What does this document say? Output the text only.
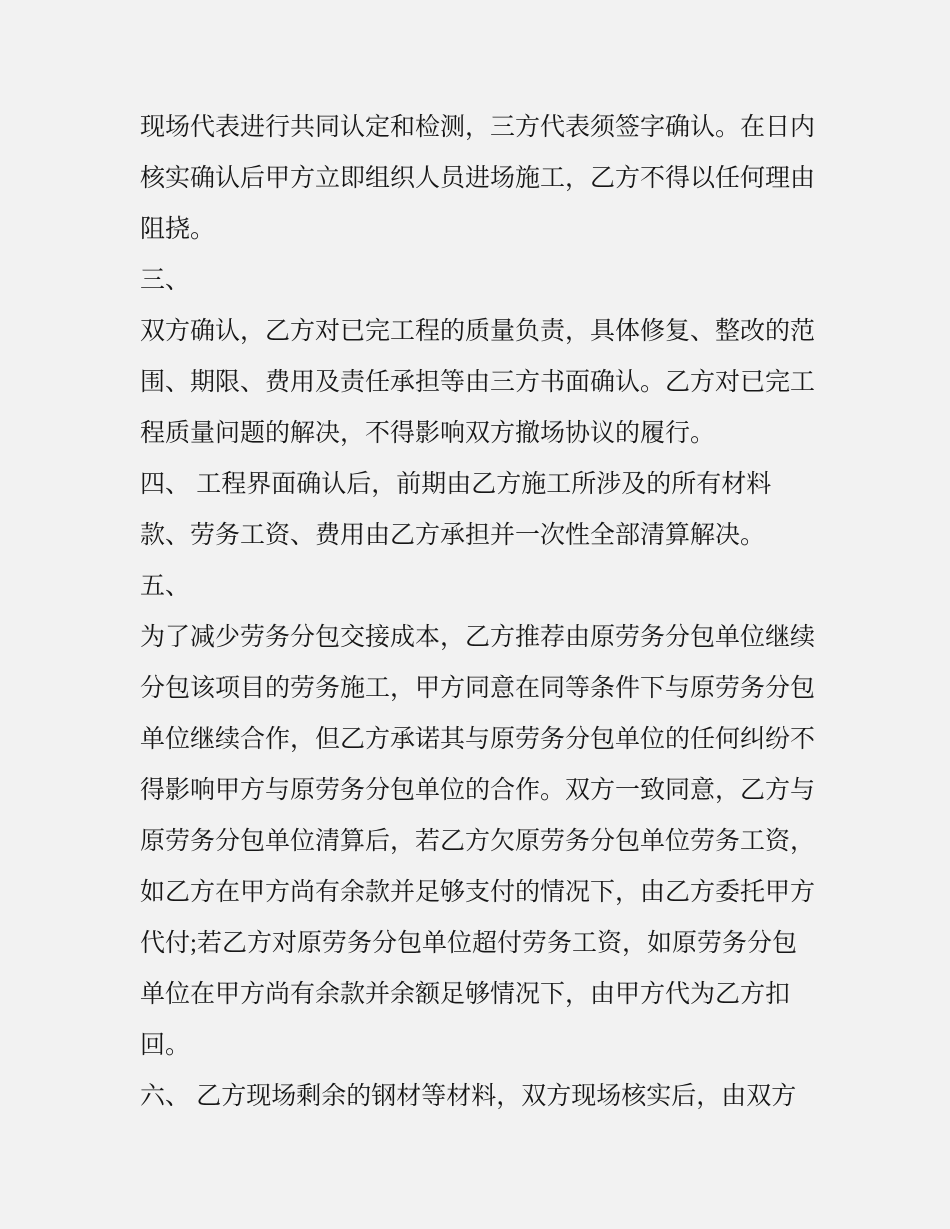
现场代表进行共同认定和检测，三方代表须签字确认。在日内
核实确认后甲方立即组织人员进场施工，乙方不得以任何理由
阻挠。
三、
双方确认，乙方对已完工程的质量负责，具体修复、整改的范
围、期限、费用及责任承担等由三方书面确认。乙方对已完工
程质量问题的解决，不得影响双方撤场协议的履行。
四、 工程界面确认后，前期由乙方施工所涉及的所有材料
款、劳务工资、费用由乙方承担并一次性全部清算解决。
五、
为了减少劳务分包交接成本，乙方推荐由原劳务分包单位继续
分包该项目的劳务施工，甲方同意在同等条件下与原劳务分包
单位继续合作，但乙方承诺其与原劳务分包单位的任何纠纷不
得影响甲方与原劳务分包单位的合作。双方一致同意，乙方与
原劳务分包单位清算后，若乙方欠原劳务分包单位劳务工资，
如乙方在甲方尚有余款并足够支付的情况下，由乙方委托甲方
代付;若乙方对原劳务分包单位超付劳务工资，如原劳务分包
单位在甲方尚有余款并余额足够情况下，由甲方代为乙方扣
回。
六、 乙方现场剩余的钢材等材料，双方现场核实后，由双方
